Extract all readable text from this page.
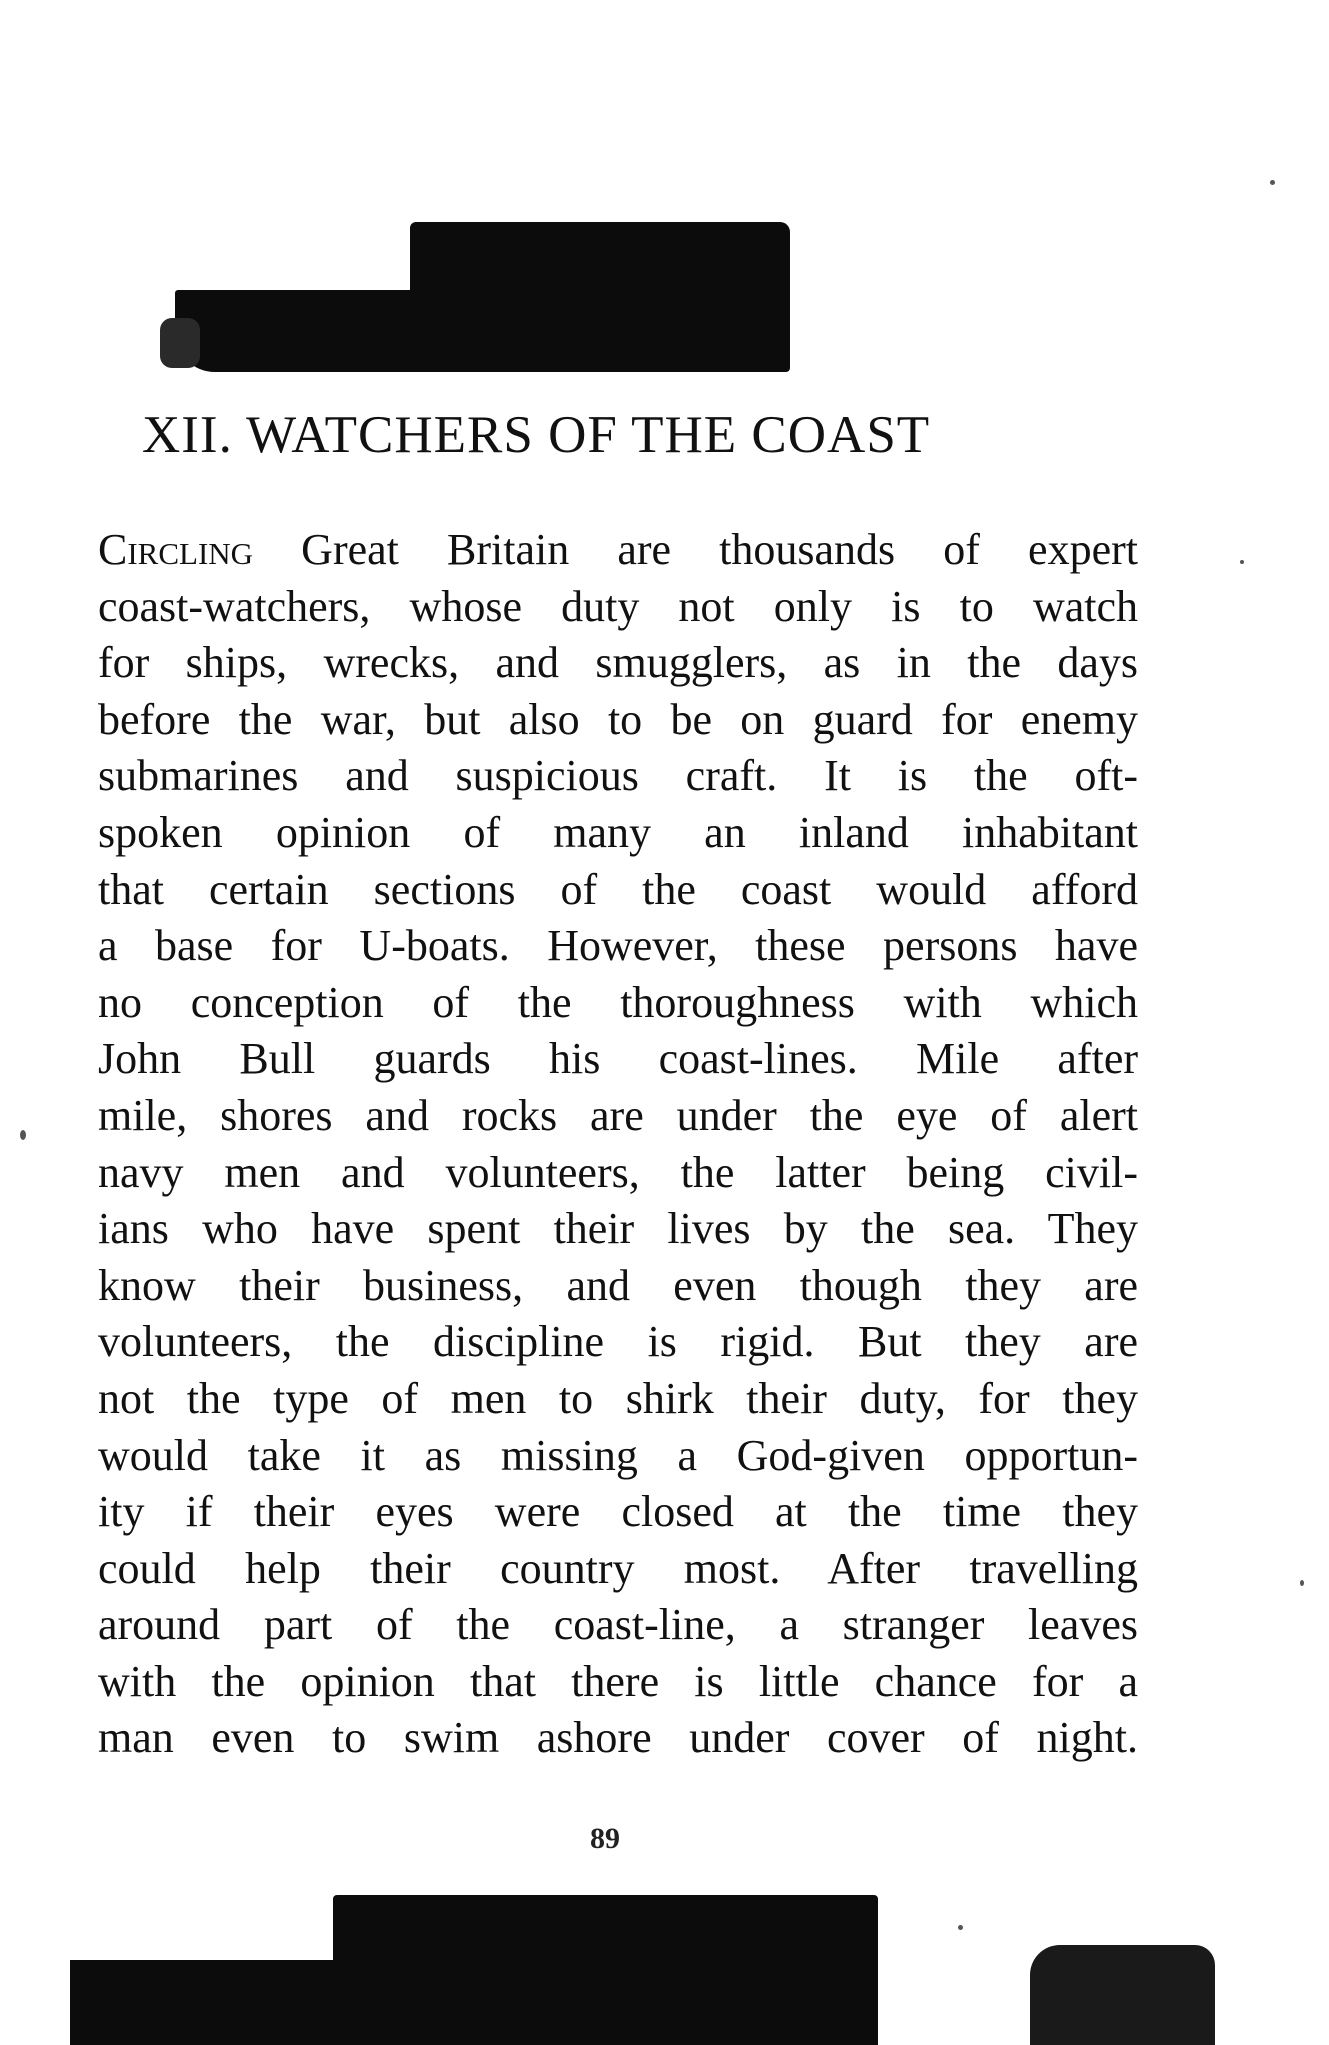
XII. WATCHERS OF THE COAST
Circling Great Britain are thousands of expert
coast-watchers, whose duty not only is to watch
for ships, wrecks, and smugglers, as in the days
before the war, but also to be on guard for enemy
submarines and suspicious craft. It is the oft-
spoken opinion of many an inland inhabitant
that certain sections of the coast would afford
a base for U-boats. However, these persons have
no conception of the thoroughness with which
John Bull guards his coast-lines. Mile after
mile, shores and rocks are under the eye of alert
navy men and volunteers, the latter being civil-
ians who have spent their lives by the sea. They
know their business, and even though they are
volunteers, the discipline is rigid. But they are
not the type of men to shirk their duty, for they
would take it as missing a God-given opportun-
ity if their eyes were closed at the time they
could help their country most. After travelling
around part of the coast-line, a stranger leaves
with the opinion that there is little chance for a
man even to swim ashore under cover of night.
89
